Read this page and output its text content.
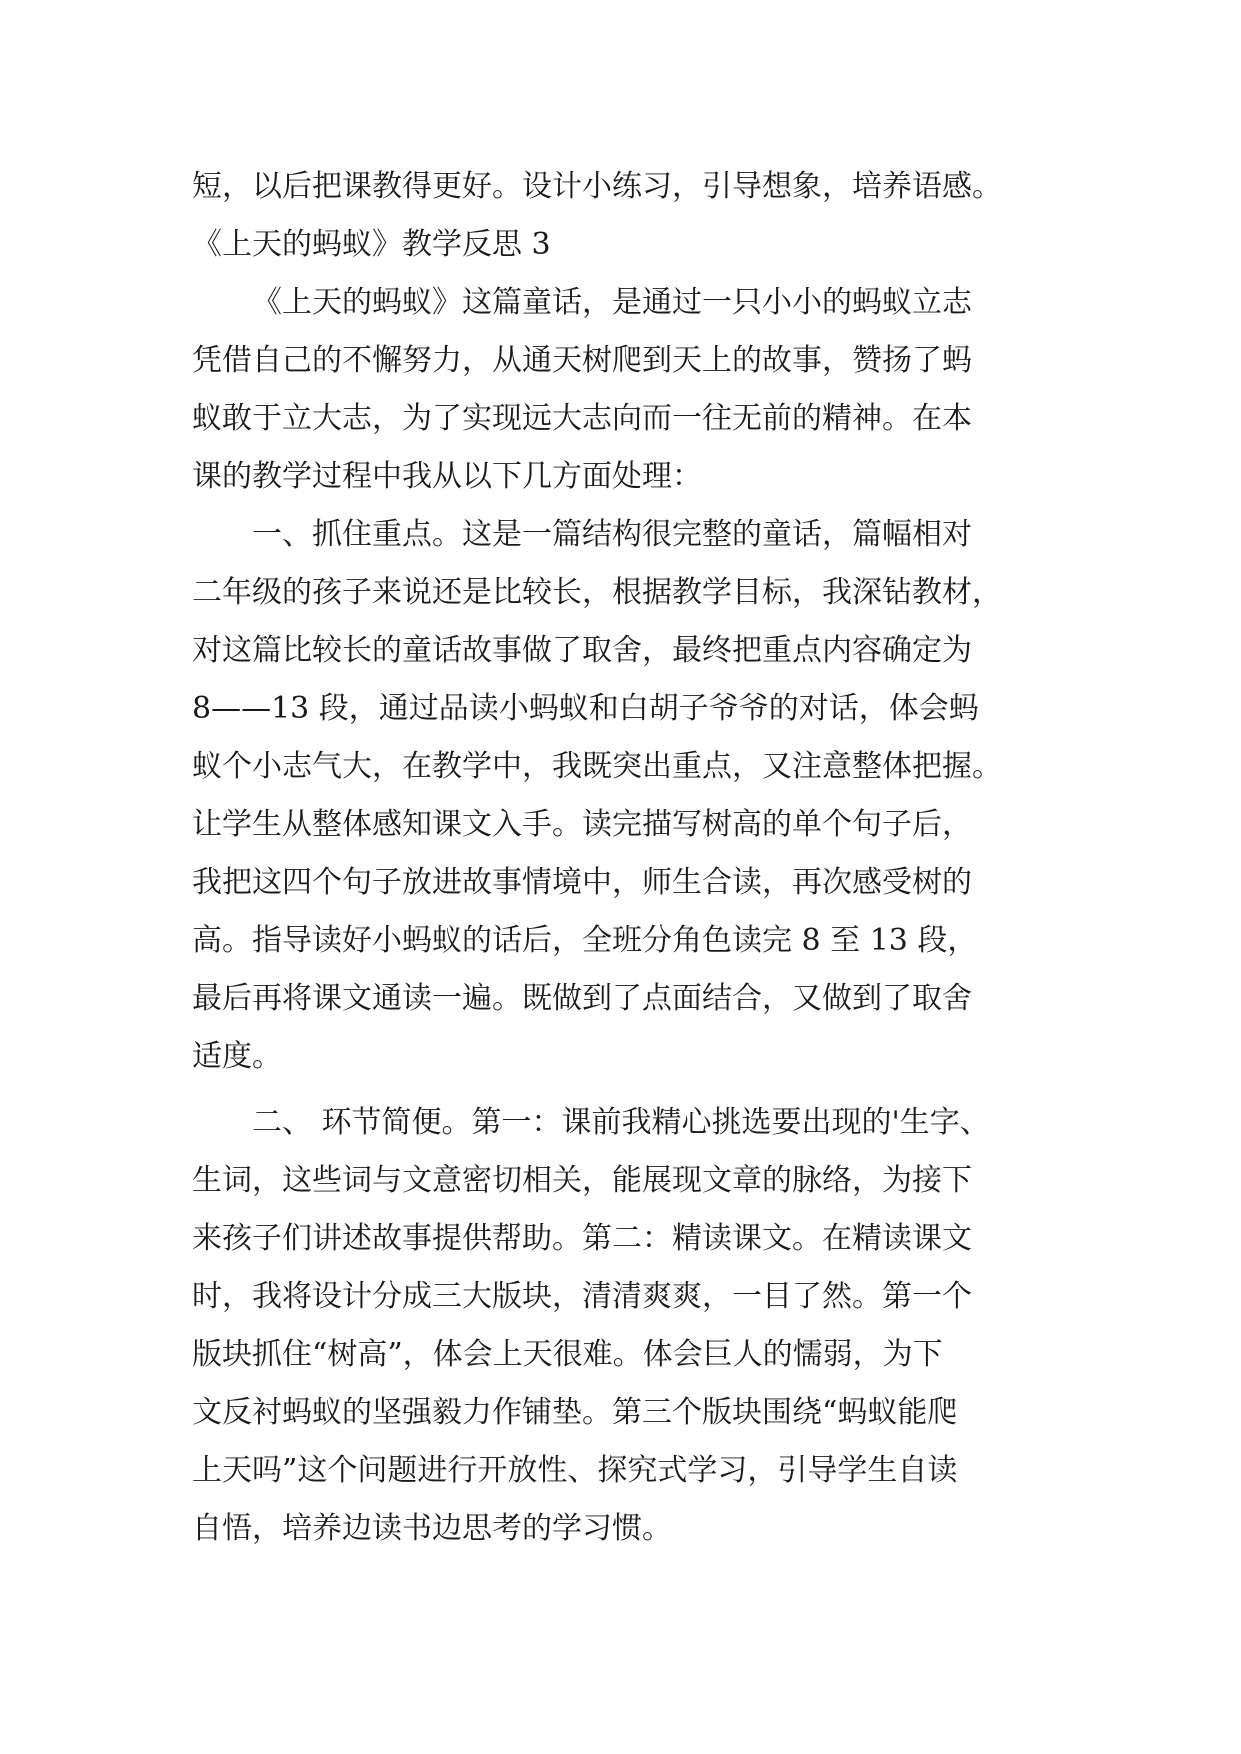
短，以后把课教得更好。设计小练习，引导想象，培养语感。
《上天的蚂蚁》教学反思 3
《上天的蚂蚁》这篇童话，是通过一只小小的蚂蚁立志
凭借自己的不懈努力，从通天树爬到天上的故事，赞扬了蚂
蚁敢于立大志，为了实现远大志向而一往无前的精神。在本
课的教学过程中我从以下几方面处理：
一、抓住重点。这是一篇结构很完整的童话，篇幅相对
二年级的孩子来说还是比较长，根据教学目标，我深钻教材，
对这篇比较长的童话故事做了取舍，最终把重点内容确定为
8——13 段，通过品读小蚂蚁和白胡子爷爷的对话，体会蚂
蚁个小志气大，在教学中，我既突出重点，又注意整体把握。
让学生从整体感知课文入手。读完描写树高的单个句子后，
我把这四个句子放进故事情境中，师生合读，再次感受树的
高。指导读好小蚂蚁的话后，全班分角色读完 8 至 13 段，
最后再将课文通读一遍。既做到了点面结合，又做到了取舍
适度。
二、 环节简便。第一：课前我精心挑选要出现的'生字、
生词，这些词与文意密切相关，能展现文章的脉络，为接下
来孩子们讲述故事提供帮助。第二：精读课文。在精读课文
时，我将设计分成三大版块，清清爽爽，一目了然。第一个
版块抓住“树高”，体会上天很难。体会巨人的懦弱，为下
文反衬蚂蚁的坚强毅力作铺垫。第三个版块围绕“蚂蚁能爬
上天吗”这个问题进行开放性、探究式学习，引导学生自读
自悟，培养边读书边思考的学习惯。
